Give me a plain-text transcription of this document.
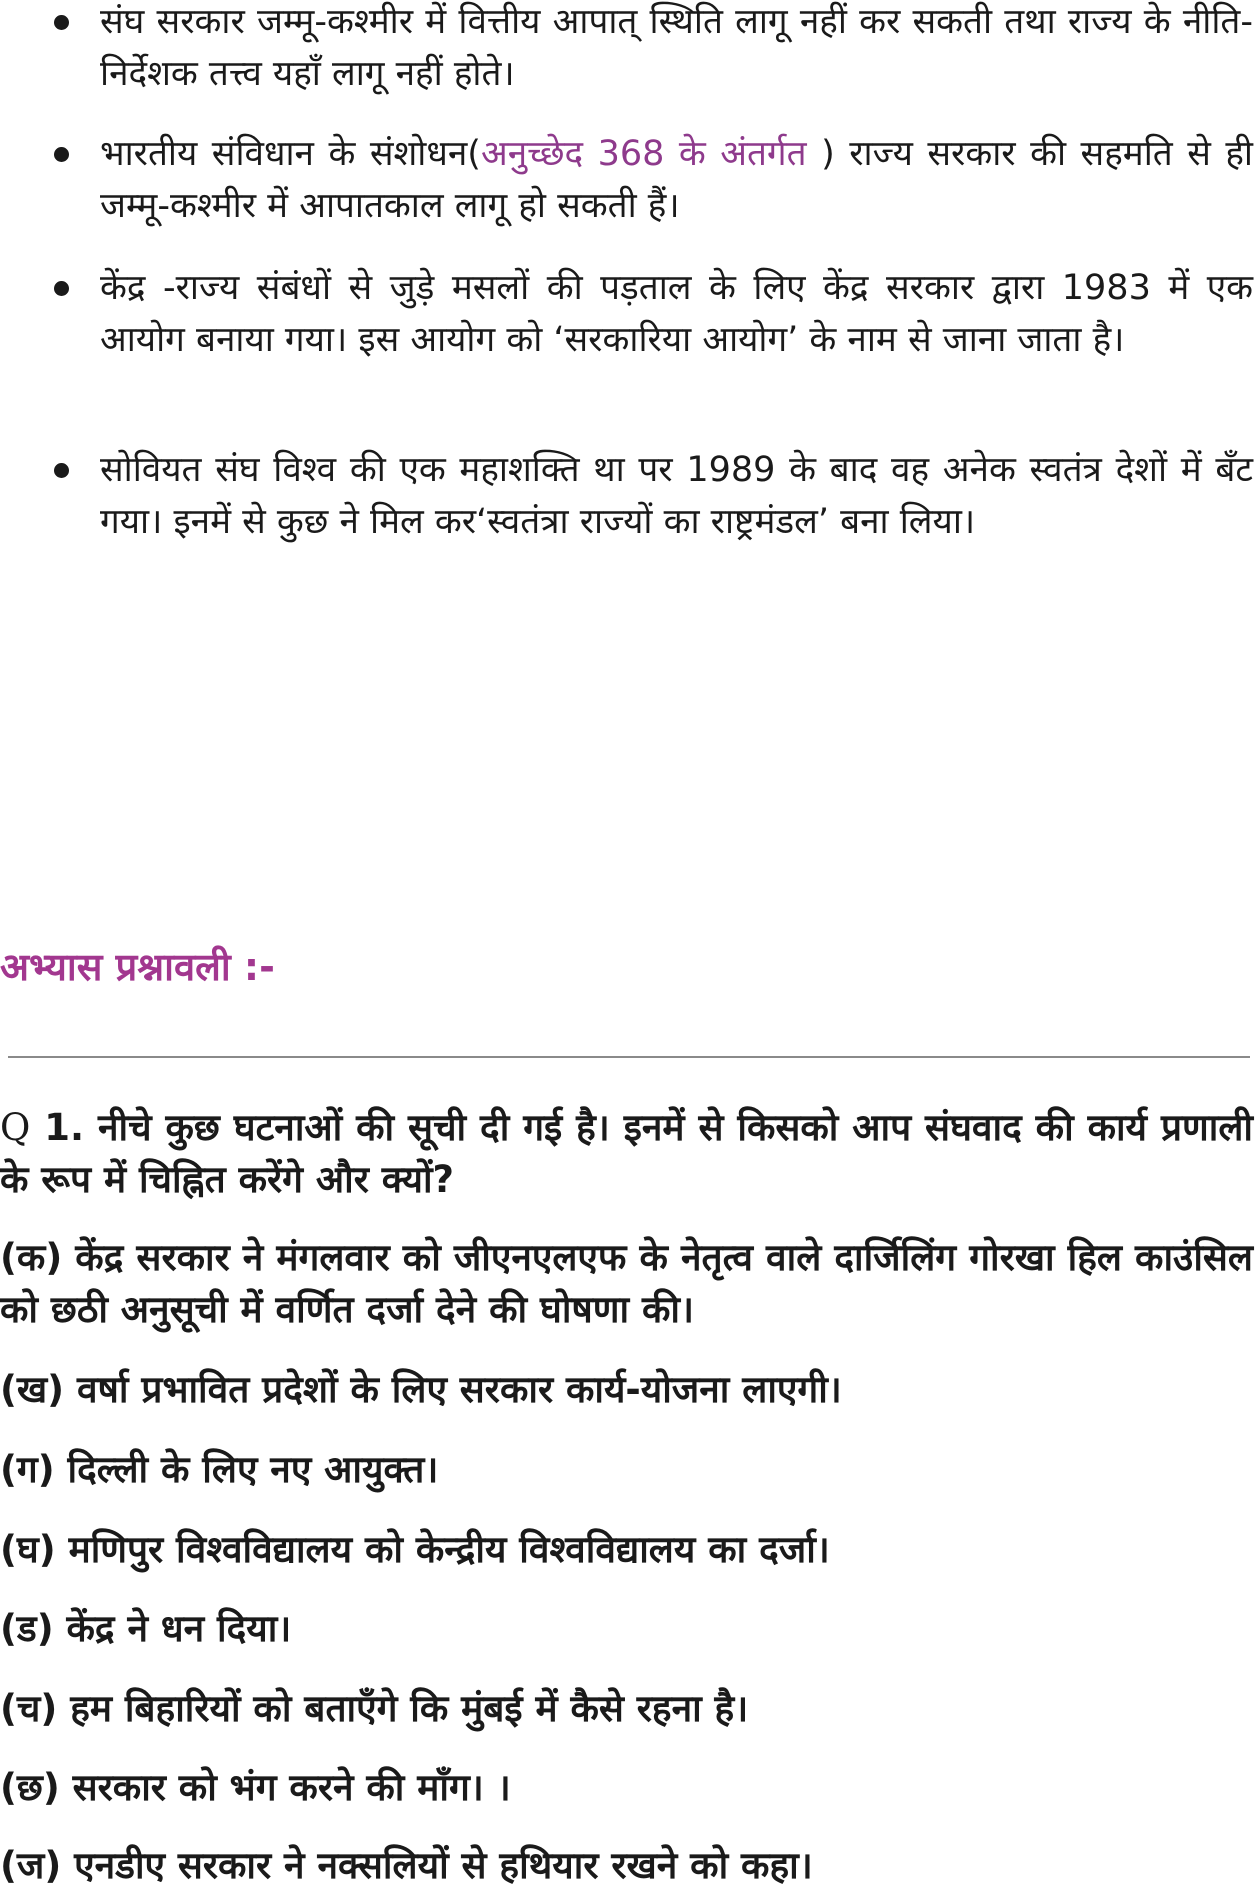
संघ सरकार जम्मू-कश्मीर में वित्तीय आपात् स्थिति लागू नहीं कर सकती तथा राज्य के नीति-निर्देशक तत्त्व यहाँ लागू नहीं होते।
भारतीय संविधान के संशोधन(अनुच्छेद 368 के अंतर्गत ) राज्य सरकार की सहमति से ही जम्मू-कश्मीर में आपातकाल लागू हो सकती हैं।
केंद्र -राज्य संबंधों से जुड़े मसलों की पड़ताल के लिए केंद्र सरकार द्वारा 1983 में एक आयोग बनाया गया। इस आयोग को ‘सरकारिया आयोग’ के नाम से जाना जाता है।
सोवियत संघ विश्व की एक महाशक्ति था पर 1989 के बाद वह अनेक स्वतंत्र देशों में बँट गया। इनमें से कुछ ने मिल कर‘स्वतंत्रा राज्यों का राष्ट्रमंडल’ बना लिया।
अभ्यास प्रश्नावली :-
Q 1. नीचे कुछ घटनाओं की सूची दी गई है। इनमें से किसको आप संघवाद की कार्य प्रणाली के रूप में चिह्नित करेंगे और क्यों?
(क) केंद्र सरकार ने मंगलवार को जीएनएलएफ के नेतृत्व वाले दार्जिलिंग गोरखा हिल काउंसिल को छठी अनुसूची में वर्णित दर्जा देने की घोषणा की।
(ख) वर्षा प्रभावित प्रदेशों के लिए सरकार कार्य-योजना लाएगी।
(ग) दिल्ली के लिए नए आयुक्त।
(घ) मणिपुर विश्वविद्यालय को केन्द्रीय विश्वविद्यालय का दर्जा।
(ड) केंद्र ने धन दिया।
(च) हम बिहारियों को बताएँगे कि मुंबई में कैसे रहना है।
(छ) सरकार को भंग करने की माँग। ।
(ज) एनडीए सरकार ने नक्सलियों से हथियार रखने को कहा।
